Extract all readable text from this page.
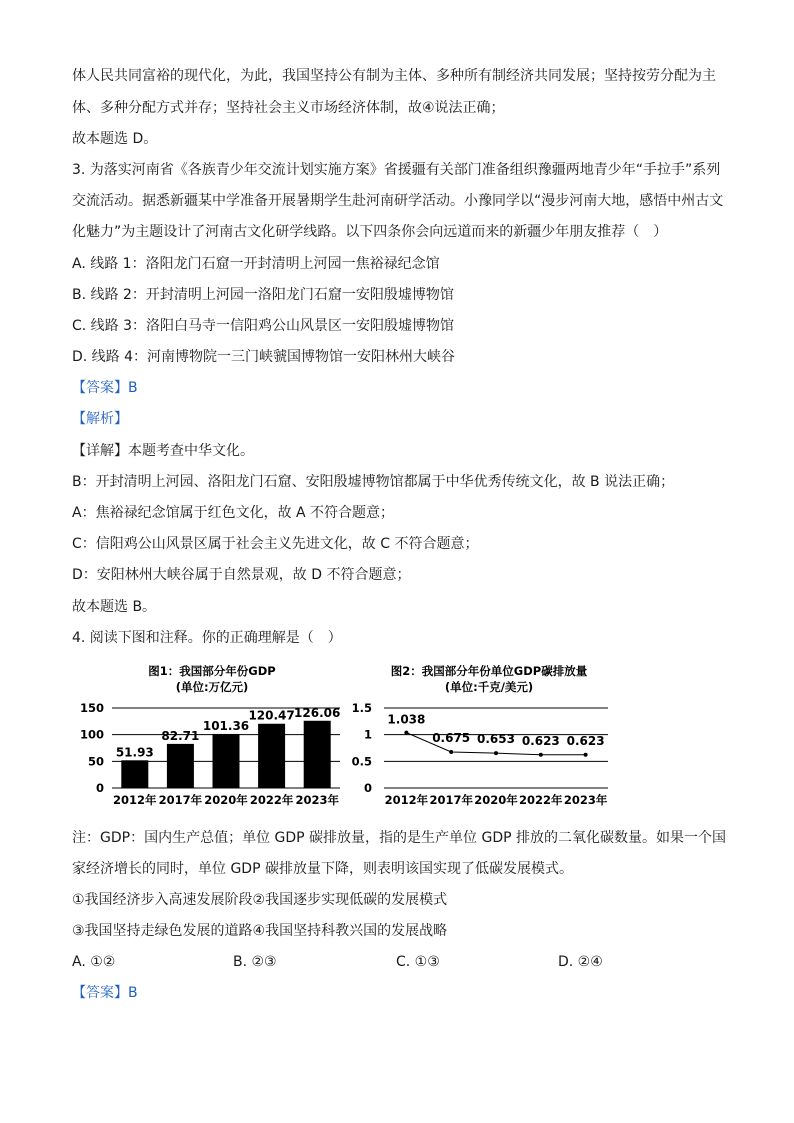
体人民共同富裕的现代化，为此，我国坚持公有制为主体、多种所有制经济共同发展；坚持按劳分配为主
体、多种分配方式并存；坚持社会主义市场经济体制，故④说法正确；
故本题选 D。
3. 为落实河南省《各族青少年交流计划实施方案》省援疆有关部门准备组织豫疆两地青少年“手拉手”系列
交流活动。据悉新疆某中学准备开展暑期学生赴河南研学活动。小豫同学以“漫步河南大地，感悟中州古文
化魅力”为主题设计了河南古文化研学线路。以下四条你会向远道而来的新疆少年朋友推荐（　）
A. 线路 1：洛阳龙门石窟一开封清明上河园一焦裕禄纪念馆
B. 线路 2：开封清明上河园一洛阳龙门石窟一安阳殷墟博物馆
C. 线路 3：洛阳白马寺一信阳鸡公山风景区一安阳殷墟博物馆
D. 线路 4：河南博物院一三门峡虢国博物馆一安阳林州大峡谷
【答案】B
【解析】
【详解】本题考查中华文化。
B：开封清明上河园、洛阳龙门石窟、安阳殷墟博物馆都属于中华优秀传统文化，故 B 说法正确；
A：焦裕禄纪念馆属于红色文化，故 A 不符合题意；
C：信阳鸡公山风景区属于社会主义先进文化，故 C 不符合题意；
D：安阳林州大峡谷属于自然景观，故 D 不符合题意；
故本题选 B。
4. 阅读下图和注释。你的正确理解是（　）
图1：我国部分年份GDP
(单位:万亿元)
0
50
100
150
51.93
2012年
82.71
2017年
101.36
2020年
120.47
2022年
126.06
2023年
图2：我国部分年份单位GDP碳排放量
(单位:千克/美元)
0
0.5
1
1.5
1.038
2012年
0.675
2017年
0.653
2020年
0.623
2022年
0.623
2023年
注：GDP：国内生产总值；单位 GDP 碳排放量，指的是生产单位 GDP 排放的二氧化碳数量。如果一个国
家经济增长的同时，单位 GDP 碳排放量下降，则表明该国实现了低碳发展模式。
①我国经济步入高速发展阶段②我国逐步实现低碳的发展模式
③我国坚持走绿色发展的道路④我国坚持科教兴国的发展战略
A. ①②	B. ②③	C. ①③	D. ②④
【答案】B
